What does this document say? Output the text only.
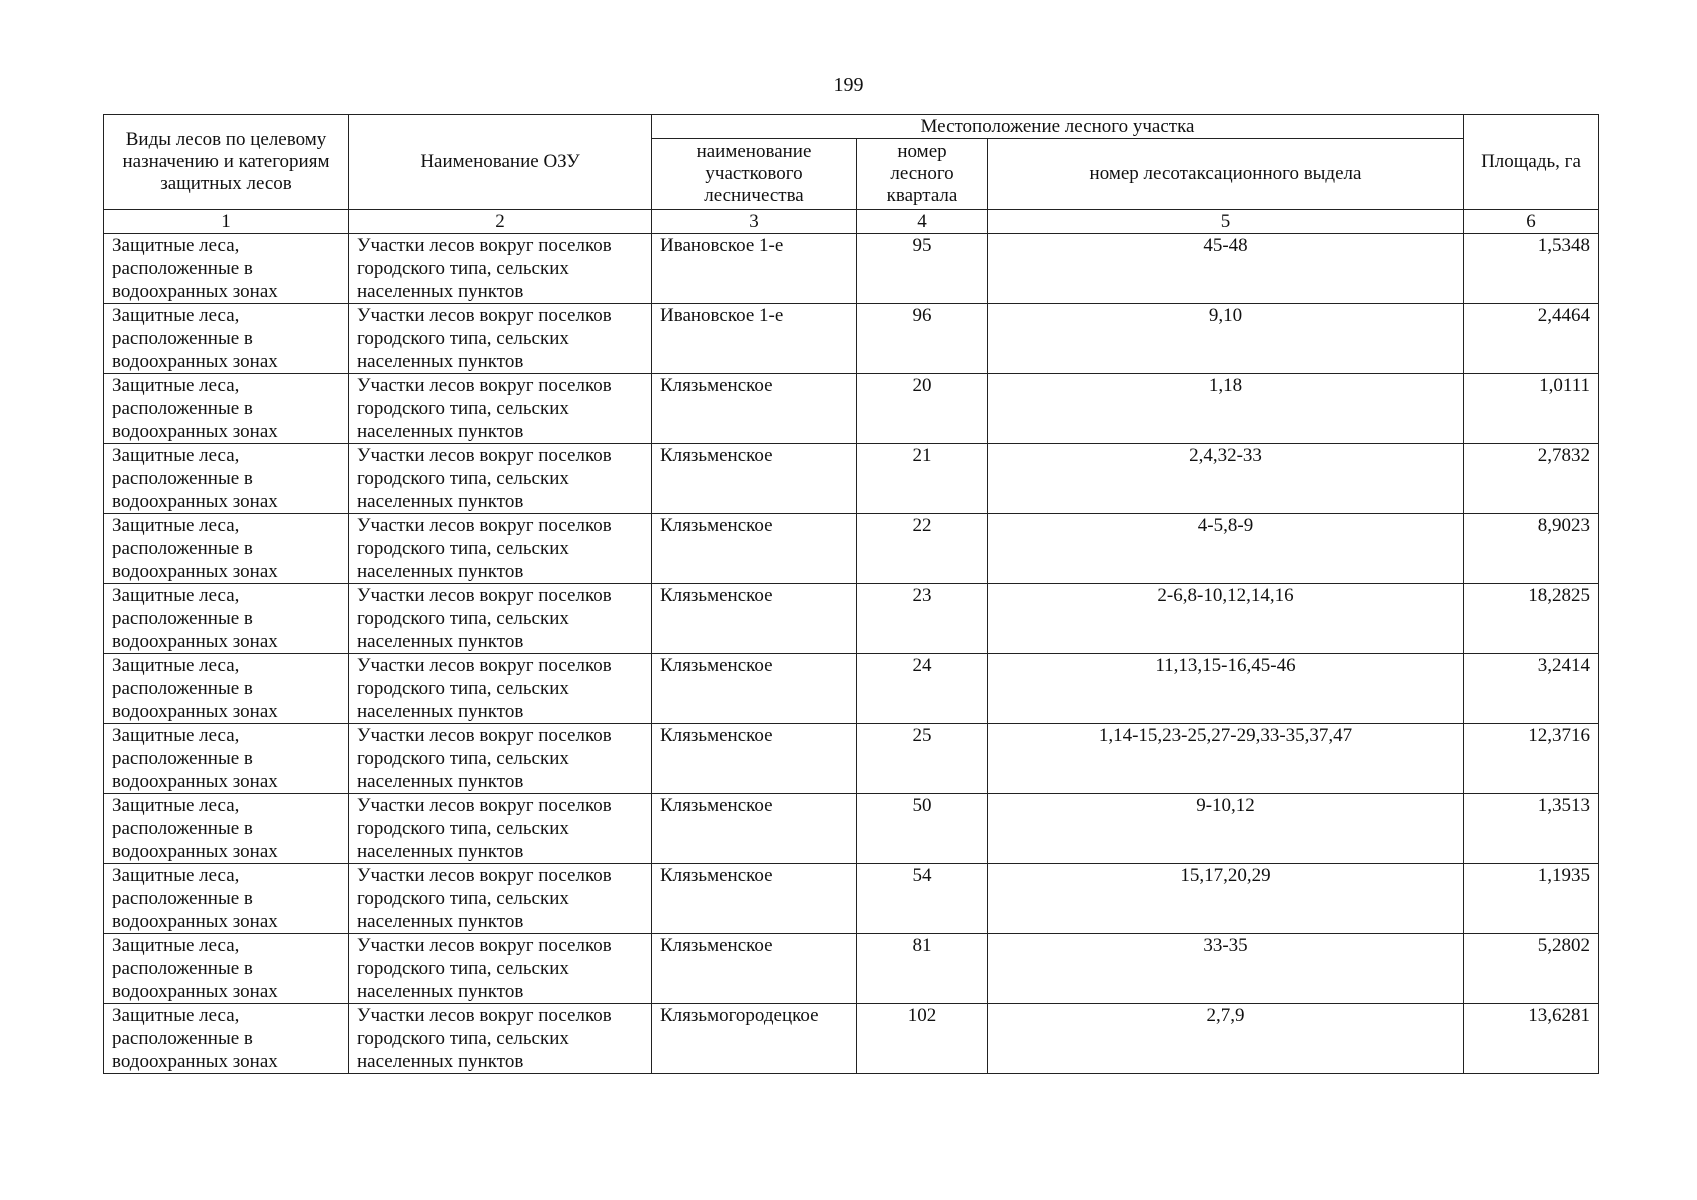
199
Виды лесов по целевому назначению и категориям защитных лесов	Наименование ОЗУ	Местоположение лесного участка			Площадь, га
		наименование участкового лесничества	номер лесного квартала	номер лесотаксационного выдела	
1	2	3	4	5	6
Защитные леса, расположенные в водоохранных зонах	Участки лесов вокруг поселков городского типа, сельских населенных пунктов	Ивановское 1-е	95	45-48	1,5348
Защитные леса, расположенные в водоохранных зонах	Участки лесов вокруг поселков городского типа, сельских населенных пунктов	Ивановское 1-е	96	9,10	2,4464
Защитные леса, расположенные в водоохранных зонах	Участки лесов вокруг поселков городского типа, сельских населенных пунктов	Клязьменское	20	1,18	1,0111
Защитные леса, расположенные в водоохранных зонах	Участки лесов вокруг поселков городского типа, сельских населенных пунктов	Клязьменское	21	2,4,32-33	2,7832
Защитные леса, расположенные в водоохранных зонах	Участки лесов вокруг поселков городского типа, сельских населенных пунктов	Клязьменское	22	4-5,8-9	8,9023
Защитные леса, расположенные в водоохранных зонах	Участки лесов вокруг поселков городского типа, сельских населенных пунктов	Клязьменское	23	2-6,8-10,12,14,16	18,2825
Защитные леса, расположенные в водоохранных зонах	Участки лесов вокруг поселков городского типа, сельских населенных пунктов	Клязьменское	24	11,13,15-16,45-46	3,2414
Защитные леса, расположенные в водоохранных зонах	Участки лесов вокруг поселков городского типа, сельских населенных пунктов	Клязьменское	25	1,14-15,23-25,27-29,33-35,37,47	12,3716
Защитные леса, расположенные в водоохранных зонах	Участки лесов вокруг поселков городского типа, сельских населенных пунктов	Клязьменское	50	9-10,12	1,3513
Защитные леса, расположенные в водоохранных зонах	Участки лесов вокруг поселков городского типа, сельских населенных пунктов	Клязьменское	54	15,17,20,29	1,1935
Защитные леса, расположенные в водоохранных зонах	Участки лесов вокруг поселков городского типа, сельских населенных пунктов	Клязьменское	81	33-35	5,2802
Защитные леса, расположенные в водоохранных зонах	Участки лесов вокруг поселков городского типа, сельских населенных пунктов	Клязьмогородецкое	102	2,7,9	13,6281
